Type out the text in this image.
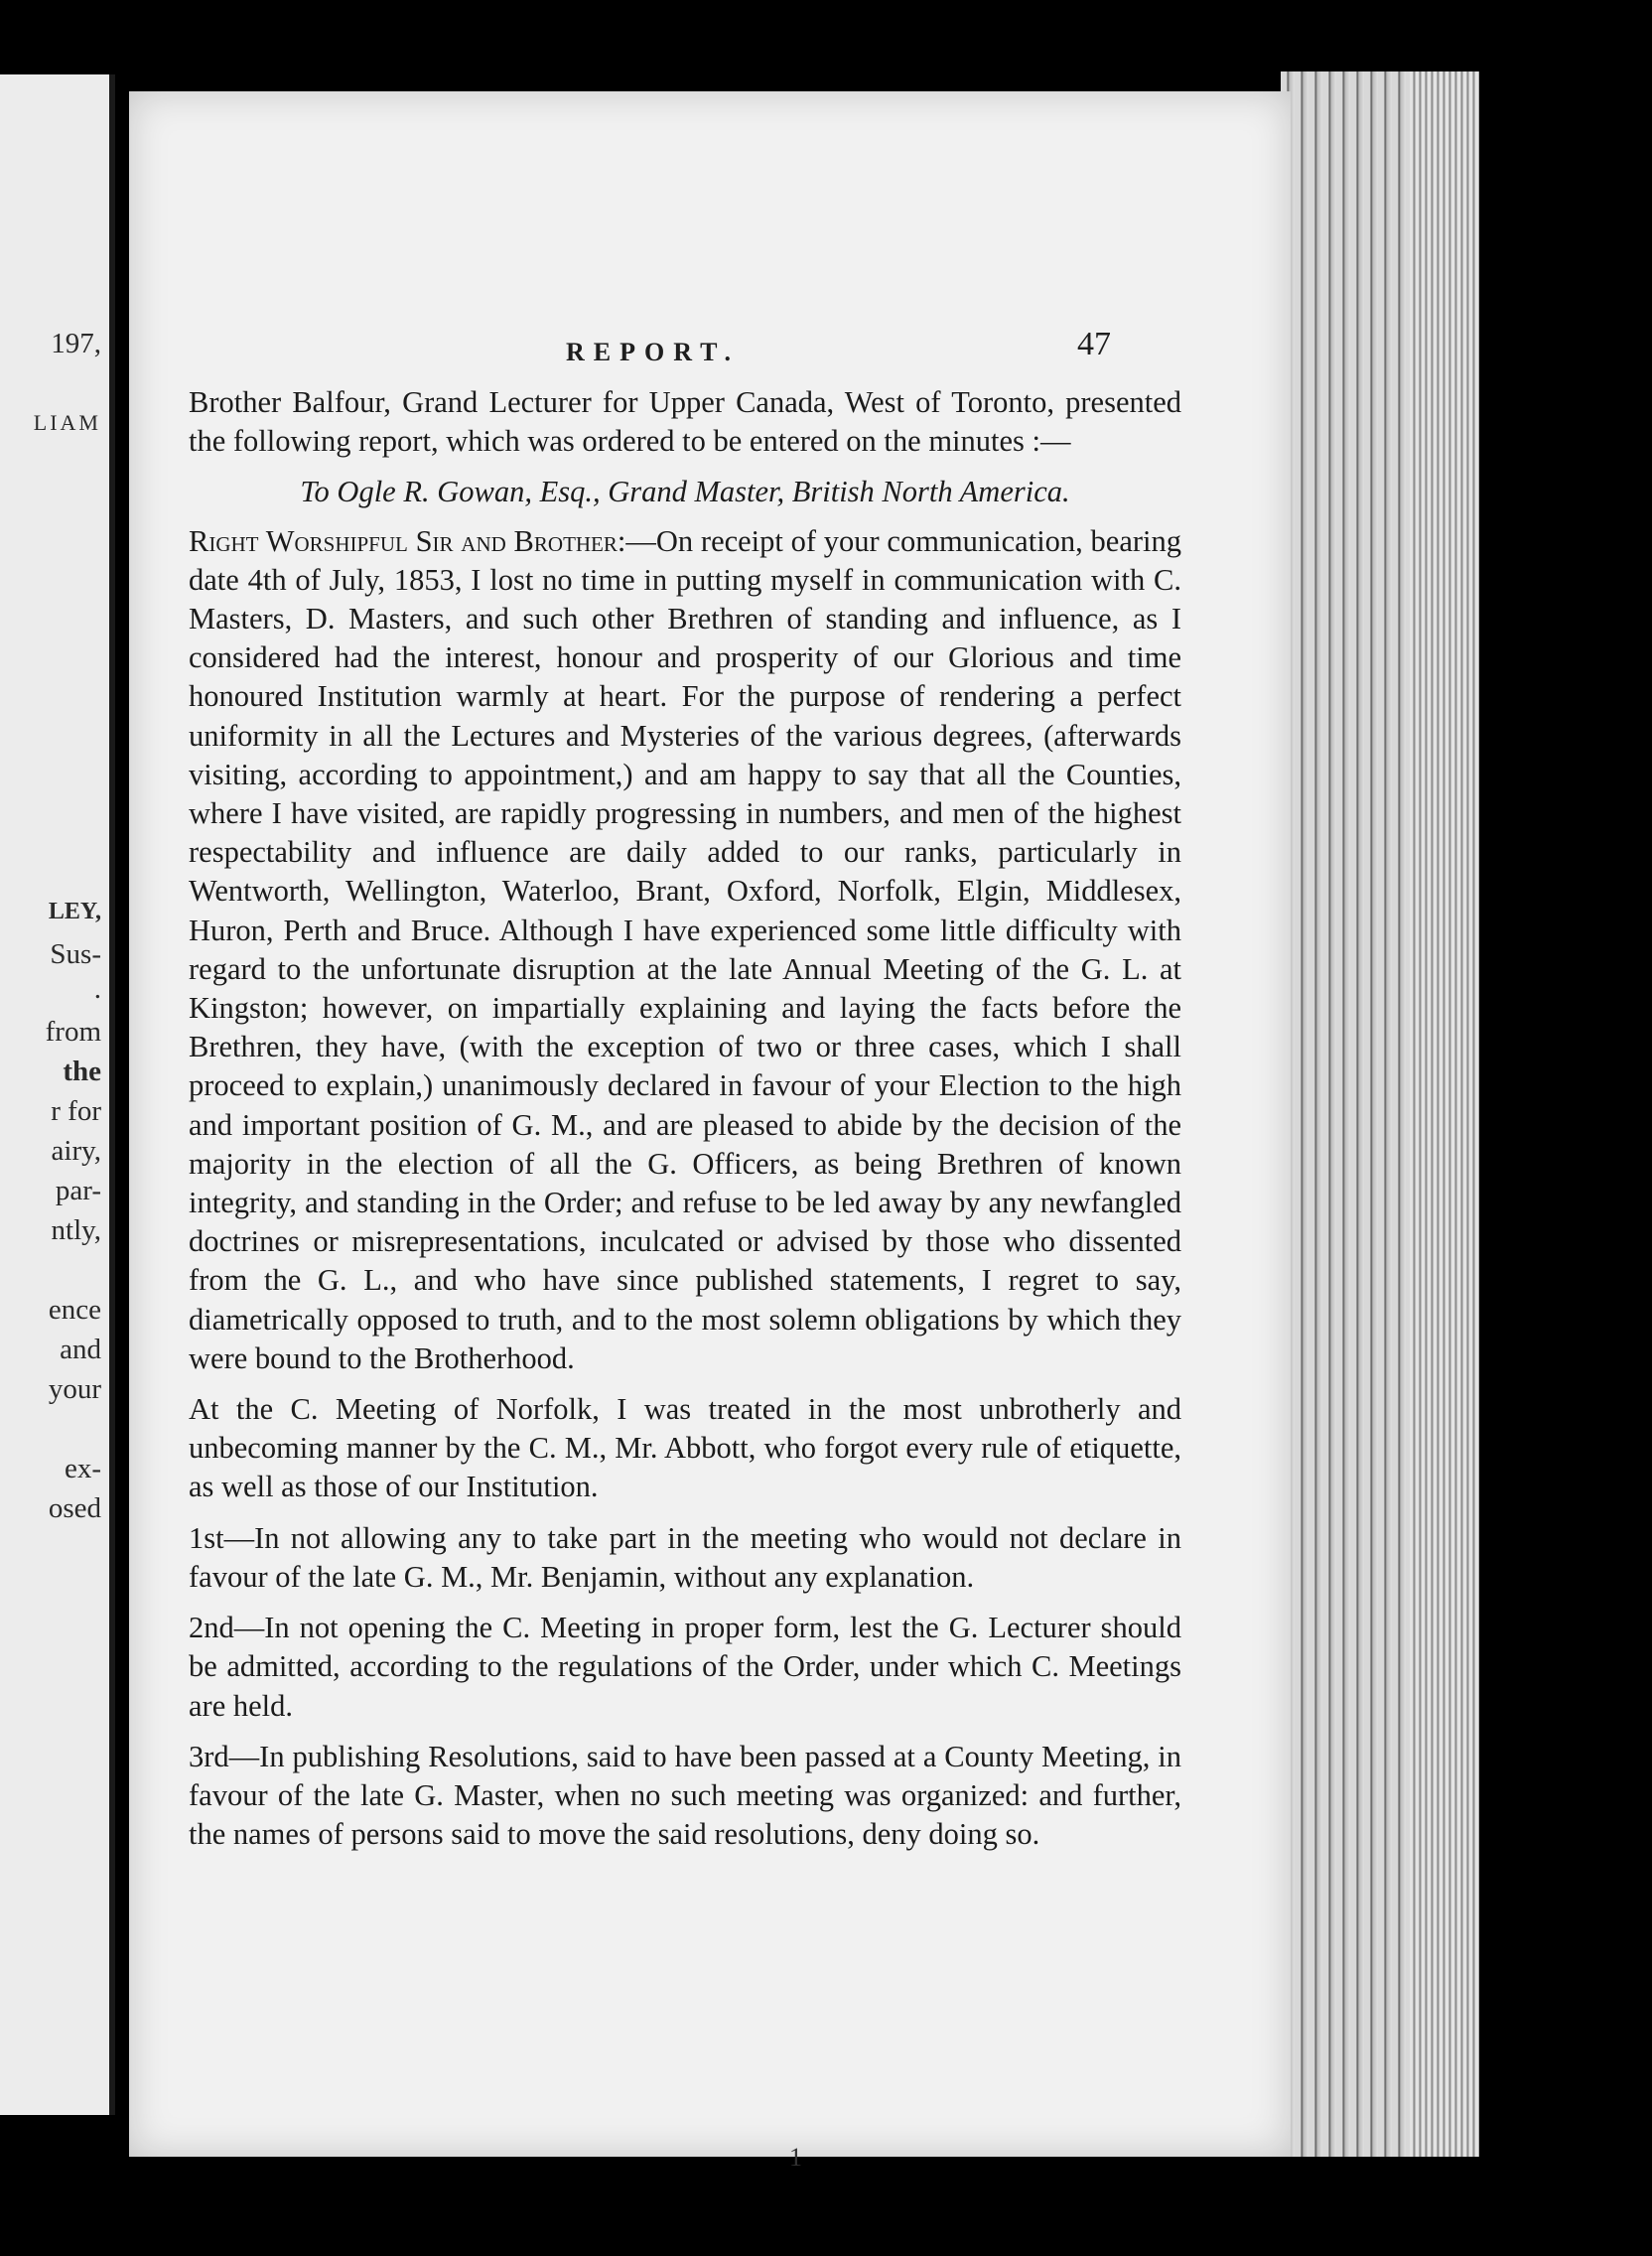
197,
LIAM
LEY,
Sus-
.
from
the
r for
airy,
par-
ntly,
ence
and
your
ex-
osed
REPORT.	47

Brother Balfour, Grand Lecturer for Upper Canada, West of Toronto, presented the following report, which was ordered to be entered on the minutes :—

To Ogle R. Gowan, Esq., Grand Master, British North America.

Right Worshipful Sir and Brother:—On receipt of your communication, bearing date 4th of July, 1853, I lost no time in putting myself in communication with C. Masters, D. Masters, and such other Brethren of standing and influence, as I considered had the interest, honour and prosperity of our Glorious and time honoured Institution warmly at heart. For the purpose of rendering a perfect uniformity in all the Lectures and Mysteries of the various degrees, (afterwards visiting, according to appointment,) and am happy to say that all the Counties, where I have visited, are rapidly progressing in numbers, and men of the highest respectability and influence are daily added to our ranks, particularly in Wentworth, Wellington, Waterloo, Brant, Oxford, Norfolk, Elgin, Middlesex, Huron, Perth and Bruce. Although I have experienced some little difficulty with regard to the unfortunate disruption at the late Annual Meeting of the G. L. at Kingston; however, on impartially explaining and laying the facts before the Brethren, they have, (with the exception of two or three cases, which I shall proceed to explain,) unanimously declared in favour of your Election to the high and important position of G. M., and are pleased to abide by the decision of the majority in the election of all the G. Officers, as being Brethren of known integrity, and standing in the Order; and refuse to be led away by any newfangled doctrines or misrepresentations, inculcated or advised by those who dissented from the G. L., and who have since published statements, I regret to say, diametrically opposed to truth, and to the most solemn obligations by which they were bound to the Brotherhood.

At the C. Meeting of Norfolk, I was treated in the most unbrotherly and unbecoming manner by the C. M., Mr. Abbott, who forgot every rule of etiquette, as well as those of our Institution.

1st—In not allowing any to take part in the meeting who would not declare in favour of the late G. M., Mr. Benjamin, without any explanation.

2nd—In not opening the C. Meeting in proper form, lest the G. Lecturer should be admitted, according to the regulations of the Order, under which C. Meetings are held.

3rd—In publishing Resolutions, said to have been passed at a County Meeting, in favour of the late G. Master, when no such meeting was organized: and further, the names of persons said to move the said resolutions, deny doing so.

1
